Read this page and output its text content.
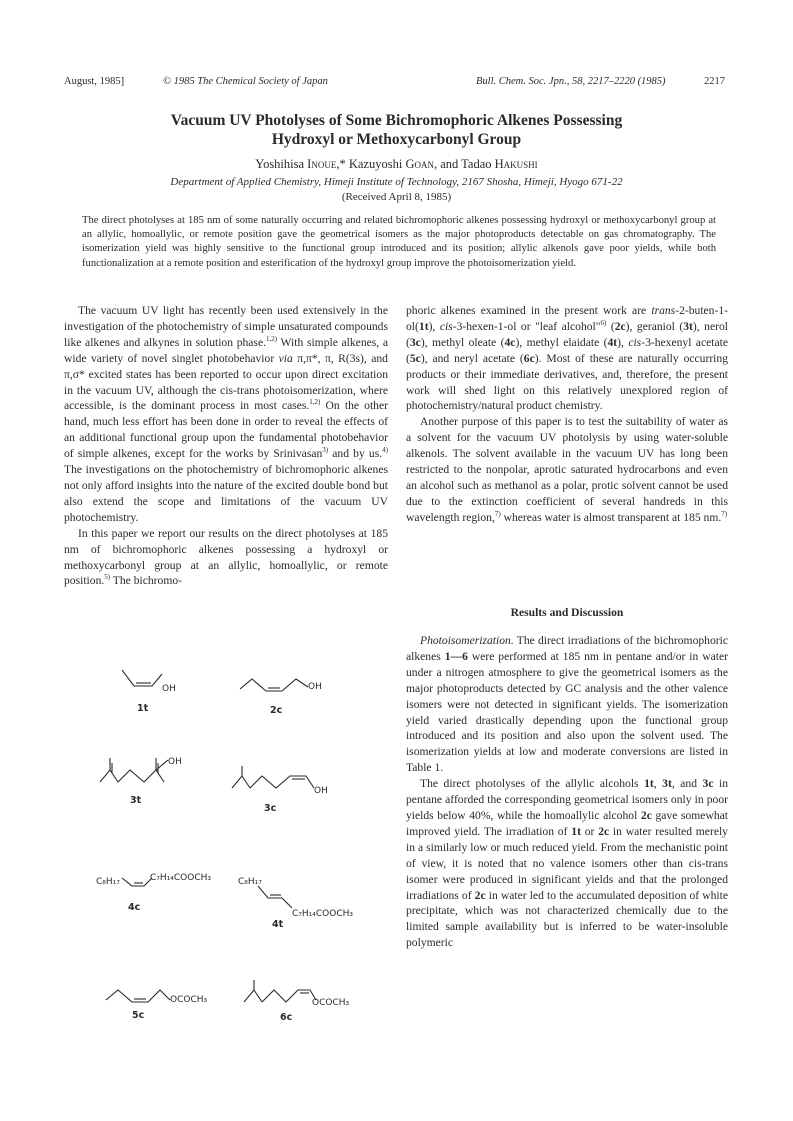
August, 1985]	© 1985 The Chemical Society of Japan	Bull. Chem. Soc. Jpn., 58, 2217–2220 (1985)	2217
Vacuum UV Photolyses of Some Bichromophoric Alkenes Possessing
Hydroxyl or Methoxycarbonyl Group
Yoshihisa Inoue,* Kazuyoshi Goan, and Tadao Hakushi
Department of Applied Chemistry, Himeji Institute of Technology, 2167 Shosha, Himeji, Hyogo 671-22
(Received April 8, 1985)
The direct photolyses at 185 nm of some naturally occurring and related bichromophoric alkenes possessing hydroxyl or methoxycarbonyl group at an allylic, homoallylic, or remote position gave the geometrical isomers as the major photoproducts detectable on gas chromatography. The isomerization yield was highly sensitive to the functional group introduced and its position; allylic alkenols gave poor yields, while both functionalization at a remote position and esterification of the hydroxyl group improve the photoisomerization yield.

The vacuum UV light has recently been used extensively in the investigation of the photochemistry of simple unsaturated compounds like alkenes and alkynes in solution phase.$^{1,2)}$ With simple alkenes, a wide variety of novel singlet photobehavior via π,π*, π, R(3s), and π,σ* excited states has been reported to occur upon direct excitation in the vacuum UV, although the cis-trans photoisomerization, where accessible, is the dominant process in most cases.$^{1,2)}$ On the other hand, much less effort has been done in order to reveal the effects of an additional functional group upon the fundamental photobehavior of simple alkenes, except for the works by Srinivasan$^{3)}$ and by us.$^{4)}$ The investigations on the photochemistry of bichromophoric alkenes not only afford insights into the nature of the excited double bond but also extend the scope and limitations of the vacuum UV photochemistry.

In this paper we report our results on the direct photolyses at 185 nm of bichromophoric alkenes possessing a hydroxyl or methoxycarbonyl group at an allylic, homoallylic, or remote position.$^{5)}$ The bichromo-

phoric alkenes examined in the present work are trans-2-buten-1-ol(1t), cis-3-hexen-1-ol or "leaf alcohol"$^{6)}$ (2c), geraniol (3t), nerol (3c), methyl oleate (4c), methyl elaidate (4t), cis-3-hexenyl acetate (5c), and neryl acetate (6c). Most of these are naturally occurring products or their immediate derivatives, and, therefore, the present work will shed light on this relatively unexplored region of photochemistry/natural product chemistry.

Another purpose of this paper is to test the suitability of water as a solvent for the vacuum UV photolysis by using water-soluble alkenols. The solvent available in the vacuum UV has long been restricted to the nonpolar, aprotic saturated hydrocarbons and even an alcohol such as methanol as a polar, protic solvent cannot be used due to the extinction coefficient of several handreds in this wavelength region,$^{7)}$ whereas water is almost transparent at 185 nm.$^{7)}$

Results and Discussion

Photoisomerization. The direct irradiations of the bichromophoric alkenes 1—6 were performed at 185 nm in pentane and/or in water under a nitrogen atmosphere to give the geometrical isomers as the major photoproducts detected by GC analysis and the other valence isomers were not detected in significant yields. The isomerization yield varied drastically depending upon the functional group introduced and its position and also upon the solvent used. The isomerization yields at low and moderate conversions are listed in Table 1.

The direct photolyses of the allylic alcohols 1t, 3t, and 3c in pentane afforded the corresponding geometrical isomers only in poor yields below 40%, while the homoallylic alcohol 2c gave somewhat improved yield. The irradiation of 1t or 2c in water resulted merely in a similarly low or much reduced yield. From the mechanistic point of view, it is noted that no valence isomers other than cis-trans isomer were produced in significant yields and that the prolonged irradiations of 2c in water led to the accumulated deposition of white precipitate, which was not characterized chemically due to the limited sample availability but is inferred to be water-insoluble polymeric

OH
1t
OH
2c
OH
3t
OH
3c
C₈H₁₇	C₇H₁₄COOCH₃
4c
C₈H₁₇
C₇H₁₄COOCH₃
4t
OCOCH₃
5c
OCOCH₃
6c
